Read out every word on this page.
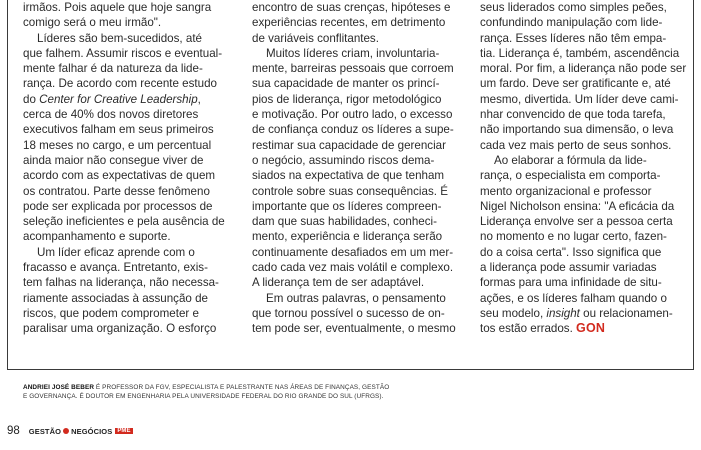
irmãos. Pois aquele que hoje sangra

comigo será o meu irmão".

Líderes são bem-sucedidos, até

que falhem. Assumir riscos e eventual-

mente falhar é da natureza da lide-

rança. De acordo com recente estudo

do Center for Creative Leadership,

cerca de 40% dos novos diretores

executivos falham em seus primeiros

18 meses no cargo, e um percentual

ainda maior não consegue viver de

acordo com as expectativas de quem

os contratou. Parte desse fenômeno

pode ser explicada por processos de

seleção ineficientes e pela ausência de

acompanhamento e suporte.

Um líder eficaz aprende com o

fracasso e avança. Entretanto, exis-

tem falhas na liderança, não necessa-

riamente associadas à assunção de

riscos, que podem comprometer e

paralisar uma organização. O esforço

encontro de suas crenças, hipóteses e

experiências recentes, em detrimento

de variáveis conflitantes.

Muitos líderes criam, involuntaria-

mente, barreiras pessoais que corroem

sua capacidade de manter os princí-

pios de liderança, rigor metodológico

e motivação. Por outro lado, o excesso

de confiança conduz os líderes a supe-

restimar sua capacidade de gerenciar

o negócio, assumindo riscos dema-

siados na expectativa de que tenham

controle sobre suas consequências. É

importante que os líderes compreen-

dam que suas habilidades, conheci-

mento, experiência e liderança serão

continuamente desafiados em um mer-

cado cada vez mais volátil e complexo.

A liderança tem de ser adaptável.

Em outras palavras, o pensamento

que tornou possível o sucesso de on-

tem pode ser, eventualmente, o mesmo

seus liderados como simples peões,

confundindo manipulação com lide-

rança. Esses líderes não têm empa-

tia. Liderança é, também, ascendência

moral. Por fim, a liderança não pode ser

um fardo. Deve ser gratificante e, até

mesmo, divertida. Um líder deve cami-

nhar convencido de que toda tarefa,

não importando sua dimensão, o leva

cada vez mais perto de seus sonhos.

Ao elaborar a fórmula da lide-

rança, o especialista em comporta-

mento organizacional e professor

Nigel Nicholson ensina: "A eficácia da

Liderança envolve ser a pessoa certa

no momento e no lugar certo, fazen-

do a coisa certa". Isso significa que

a liderança pode assumir variadas

formas para uma infinidade de situ-

ações, e os líderes falham quando o

seu modelo, insight ou relacionamen-

tos estão errados. GON

ANDRIEI JOSÉ BEBER É PROFESSOR DA FGV, ESPECIALISTA E PALESTRANTE NAS ÁREAS DE FINANÇAS, GESTÃO
E GOVERNANÇA. É DOUTOR EM ENGENHARIA PELA UNIVERSIDADE FEDERAL DO RIO GRANDE DO SUL (UFRGS).
98 GESTÃO NEGÓCIOS PME
